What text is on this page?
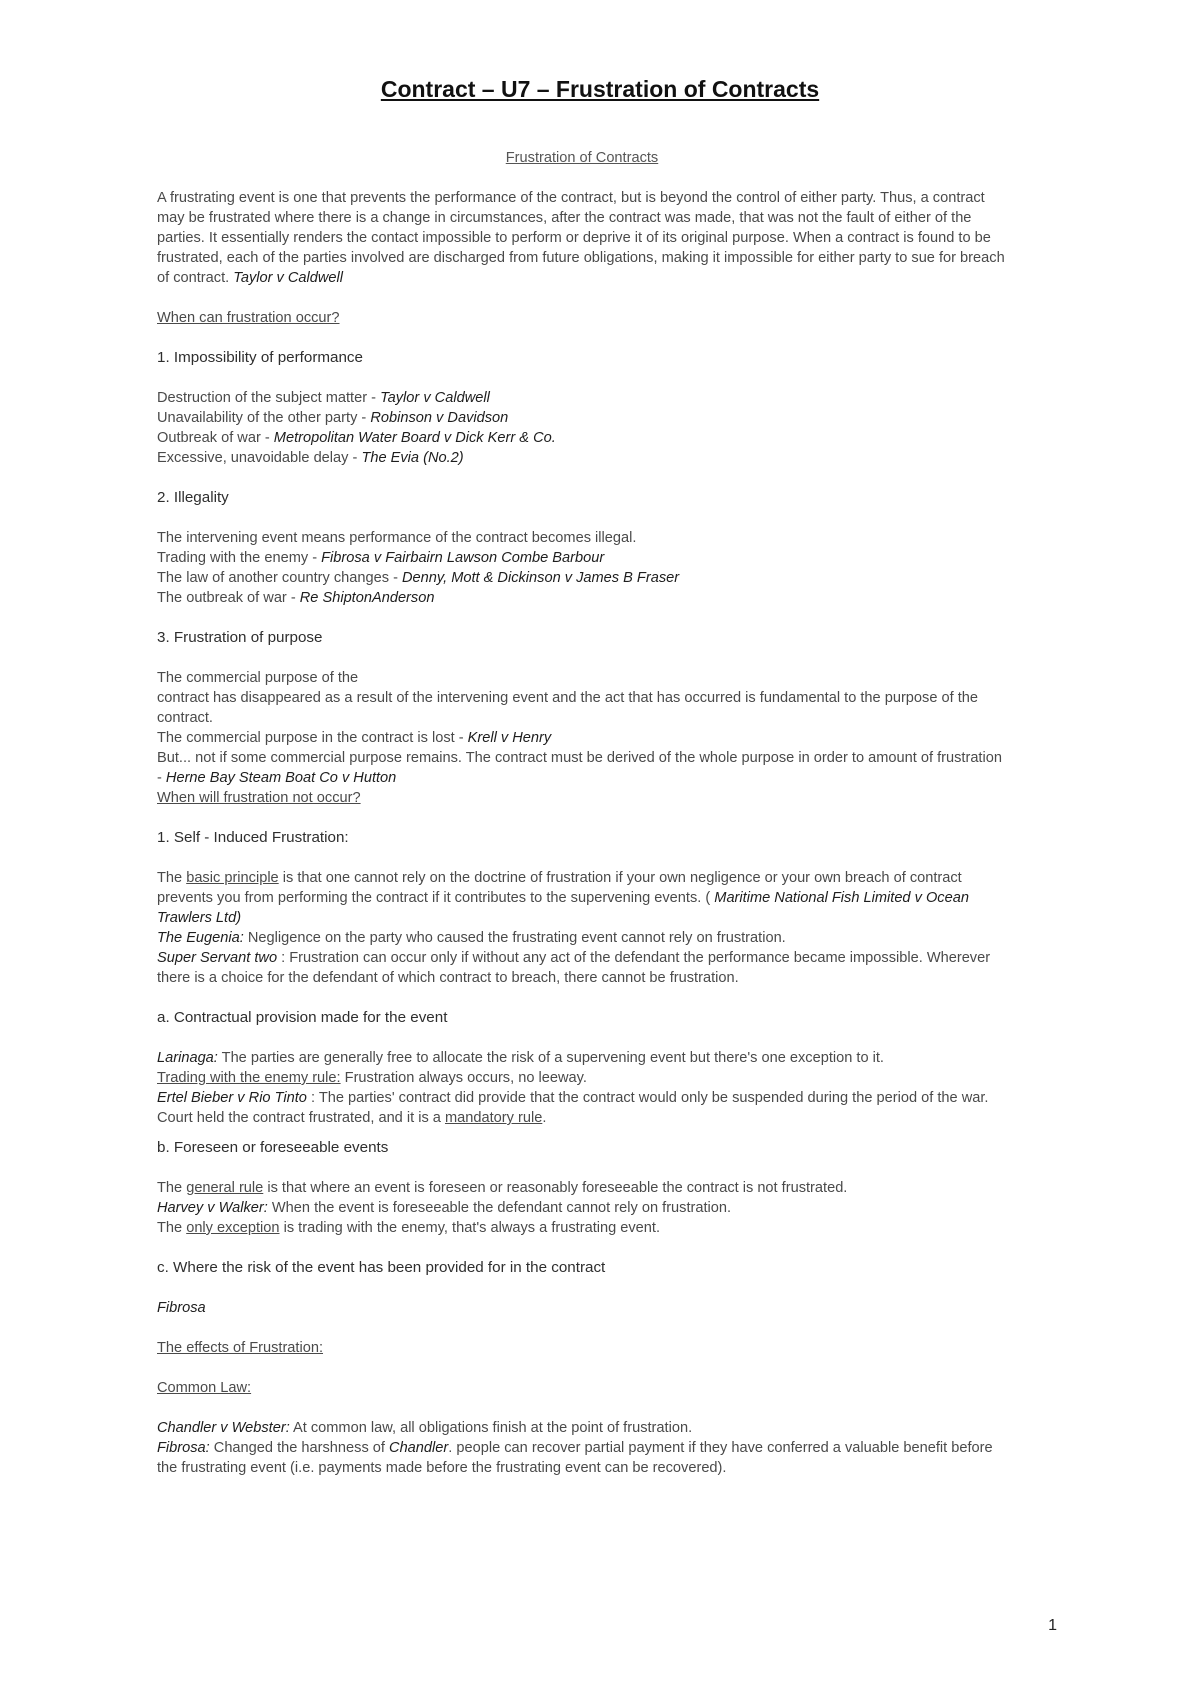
Contract – U7 – Frustration of Contracts

Frustration of Contracts

A frustrating event is one that prevents the performance of the contract, but is beyond the control of either party. Thus, a contract may be frustrated where there is a change in circumstances, after the contract was made, that was not the fault of either of the parties. It essentially renders the contact impossible to perform or deprive it of its original purpose. When a contract is found to be frustrated, each of the parties involved are discharged from future obligations, making it impossible for either party to sue for breach of contract. Taylor v Caldwell

When can frustration occur?

1. Impossibility of performance

Destruction of the subject matter - Taylor v Caldwell

Unavailability of the other party - Robinson v Davidson

Outbreak of war - Metropolitan Water Board v Dick Kerr & Co.

Excessive, unavoidable delay - The Evia (No.2)

2. Illegality

The intervening event means performance of the contract becomes illegal.

Trading with the enemy - Fibrosa v Fairbairn Lawson Combe Barbour

The law of another country changes - Denny, Mott & Dickinson v James B Fraser

The outbreak of war - Re ShiptonAnderson

3. Frustration of purpose

The commercial purpose of the

contract has disappeared as a result of the intervening event and the act that has occurred is fundamental to the purpose of the contract.

The commercial purpose in the contract is lost - Krell v Henry

But... not if some commercial purpose remains. The contract must be derived of the whole purpose in order to amount of frustration - Herne Bay Steam Boat Co v Hutton

When will frustration not occur?

1. Self - Induced Frustration:

The basic principle is that one cannot rely on the doctrine of frustration if your own negligence or your own breach of contract prevents you from performing the contract if it contributes to the supervening events. ( Maritime National Fish Limited v Ocean Trawlers Ltd)

The Eugenia: Negligence on the party who caused the frustrating event cannot rely on frustration.

Super Servant two : Frustration can occur only if without any act of the defendant the performance became impossible. Wherever there is a choice for the defendant of which contract to breach, there cannot be frustration.

a. Contractual provision made for the event

Larinaga: The parties are generally free to allocate the risk of a supervening event but there's one exception to it.

Trading with the enemy rule: Frustration always occurs, no leeway.

Ertel Bieber v Rio Tinto : The parties' contract did provide that the contract would only be suspended during the period of the war. Court held the contract frustrated, and it is a mandatory rule.

b. Foreseen or foreseeable events

The general rule is that where an event is foreseen or reasonably foreseeable the contract is not frustrated.

Harvey v Walker: When the event is foreseeable the defendant cannot rely on frustration.

The only exception is trading with the enemy, that's always a frustrating event.

c. Where the risk of the event has been provided for in the contract

Fibrosa

The effects of Frustration:

Common Law:

Chandler v Webster: At common law, all obligations finish at the point of frustration.

Fibrosa: Changed the harshness of Chandler. people can recover partial payment if they have conferred a valuable benefit before the frustrating event (i.e. payments made before the frustrating event can be recovered).

1
